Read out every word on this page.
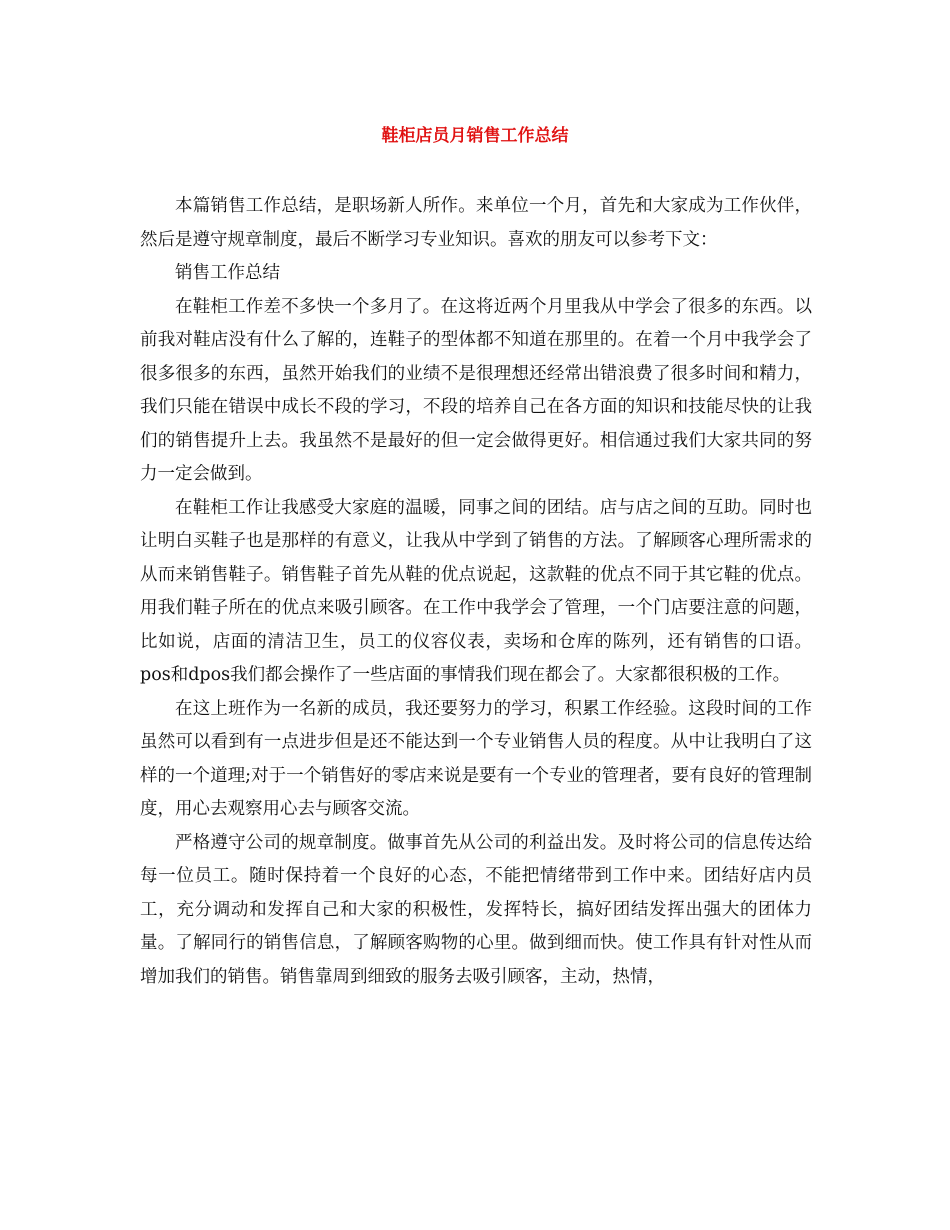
鞋柜店员月销售工作总结

本篇销售工作总结，是职场新人所作。来单位一个月，首先和大家成为工作伙伴，然后是遵守规章制度，最后不断学习专业知识。喜欢的朋友可以参考下文：

销售工作总结

在鞋柜工作差不多快一个多月了。在这将近两个月里我从中学会了很多的东西。以前我对鞋店没有什么了解的，连鞋子的型体都不知道在那里的。在着一个月中我学会了很多很多的东西，虽然开始我们的业绩不是很理想还经常出错浪费了很多时间和精力，我们只能在错误中成长不段的学习，不段的培养自己在各方面的知识和技能尽快的让我们的销售提升上去。我虽然不是最好的但一定会做得更好。相信通过我们大家共同的努力一定会做到。

在鞋柜工作让我感受大家庭的温暖，同事之间的团结。店与店之间的互助。同时也让明白买鞋子也是那样的有意义，让我从中学到了销售的方法。了解顾客心理所需求的从而来销售鞋子。销售鞋子首先从鞋的优点说起，这款鞋的优点不同于其它鞋的优点。用我们鞋子所在的优点来吸引顾客。在工作中我学会了管理，一个门店要注意的问题，比如说，店面的清洁卫生，员工的仪容仪表，卖场和仓库的陈列，还有销售的口语。pos和dpos我们都会操作了一些店面的事情我们现在都会了。大家都很积极的工作。

在这上班作为一名新的成员，我还要努力的学习，积累工作经验。这段时间的工作虽然可以看到有一点进步但是还不能达到一个专业销售人员的程度。从中让我明白了这样的一个道理;对于一个销售好的零店来说是要有一个专业的管理者，要有良好的管理制度，用心去观察用心去与顾客交流。

严格遵守公司的规章制度。做事首先从公司的利益出发。及时将公司的信息传达给每一位员工。随时保持着一个良好的心态，不能把情绪带到工作中来。团结好店内员工，充分调动和发挥自己和大家的积极性，发挥特长，搞好团结发挥出强大的团体力量。了解同行的销售信息，了解顾客购物的心里。做到细而快。使工作具有针对性从而增加我们的销售。销售靠周到细致的服务去吸引顾客，主动，热情，
